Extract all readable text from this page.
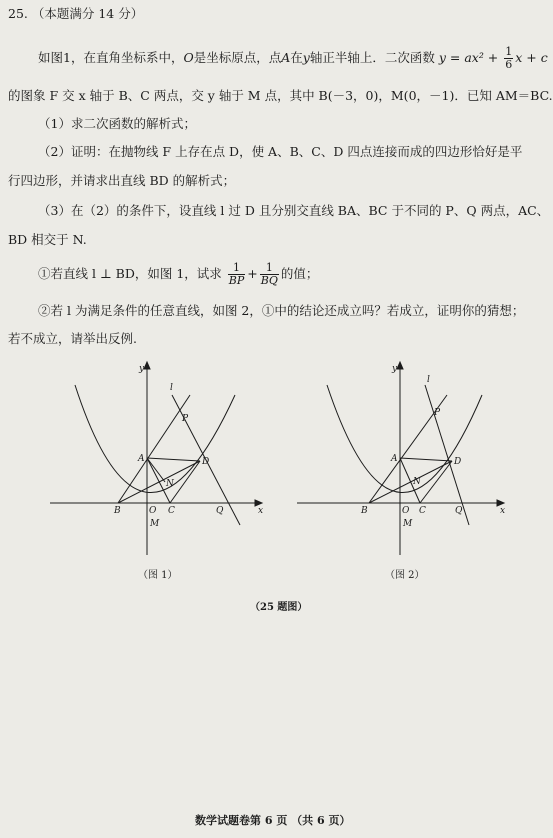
25. （本题满分 14 分）
如图1，在直角坐标系中，O是坐标原点，点A在y轴正半轴上．二次函数 $y = ax^2 + \frac{1}{6}$ x + c
的图象 F 交 x 轴于 B、C 两点，交 y 轴于 M 点，其中 B(－3，0)，M(0，－1)．已知 AM＝BC.
（1）求二次函数的解析式；
（2）证明：在抛物线 F 上存在点 D，使 A、B、C、D 四点连接而成的四边形恰好是平
行四边形，并请求出直线 BD 的解析式；
（3）在（2）的条件下，设直线 l 过 D 且分别交直线 BA、BC 于不同的 P、Q 两点，AC、
BD 相交于 N.
①若直线 l ⊥ BD，如图 1，试求 $\frac{1}{BP} + \frac{1}{BQ}$ 的值；
②若 l 为满足条件的任意直线，如图 2，①中的结论还成立吗？若成立，证明你的猜想；
若不成立，请举出反例.
y
l
P
A	D
N
B	O C	Q
M
x
y
l
P
A	D
N
B	O C	Q
M
x
（图 1）	（图 2）
（25 题图）
数学试题卷第 6 页 （共 6 页）
